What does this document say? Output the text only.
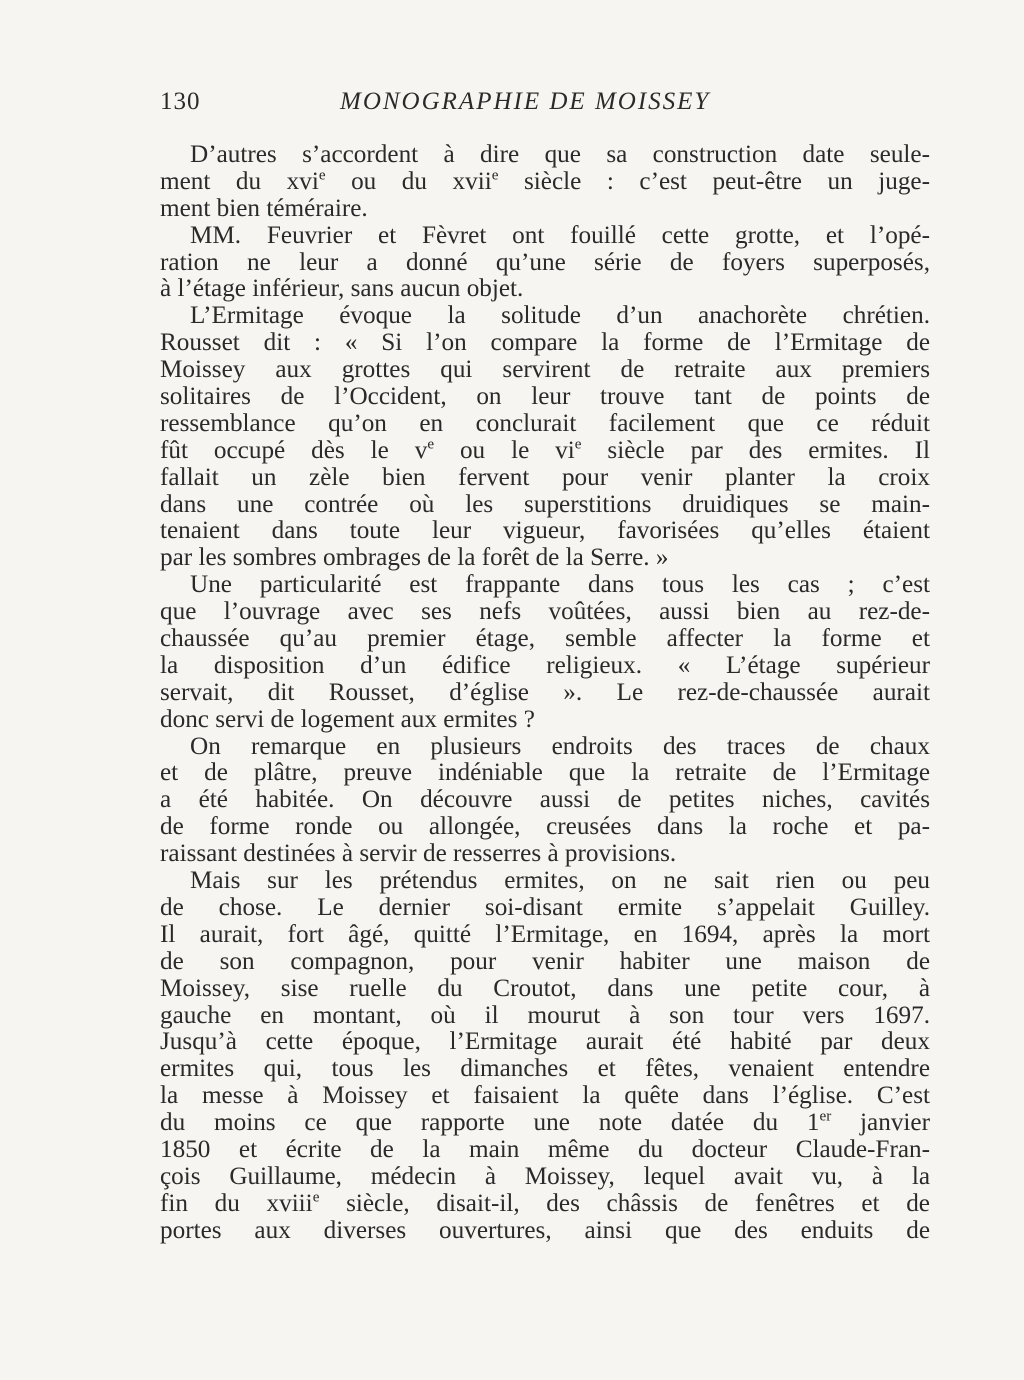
130	MONOGRAPHIE DE MOISSEY
D’autres s’accordent à dire que sa construction date seule-
ment du xvi$^e$ ou du xvii$^e$ siècle : c’est peut-être un juge-
ment bien téméraire.
MM. Feuvrier et Fèvret ont fouillé cette grotte, et l’opé-
ration ne leur a donné qu’une série de foyers superposés,
à l’étage inférieur, sans aucun objet.
L’Ermitage évoque la solitude d’un anachorète chrétien.
Rousset dit : « Si l’on compare la forme de l’Ermitage de
Moissey aux grottes qui servirent de retraite aux premiers
solitaires de l’Occident, on leur trouve tant de points de
ressemblance qu’on en conclurait facilement que ce réduit
fût occupé dès le $v^e$ ou le $vi^e$ siècle par des ermites. Il
fallait un zèle bien fervent pour venir planter la croix
dans une contrée où les superstitions druidiques se main-
tenaient dans toute leur vigueur, favorisées qu’elles étaient
par les sombres ombrages de la forêt de la Serre. »
Une particularité est frappante dans tous les cas ; c’est
que l’ouvrage avec ses nefs voûtées, aussi bien au rez-de-
chaussée qu’au premier étage, semble affecter la forme et
la disposition d’un édifice religieux. « L’étage supérieur
servait, dit Rousset, d’église ». Le rez-de-chaussée aurait
donc servi de logement aux ermites ?
On remarque en plusieurs endroits des traces de chaux
et de plâtre, preuve indéniable que la retraite de l’Ermitage
a été habitée. On découvre aussi de petites niches, cavités
de forme ronde ou allongée, creusées dans la roche et pa-
raissant destinées à servir de resserres à provisions.
Mais sur les prétendus ermites, on ne sait rien ou peu
de chose. Le dernier soi-disant ermite s’appelait Guilley.
Il aurait, fort âgé, quitté l’Ermitage, en 1694, après la mort
de son compagnon, pour venir habiter une maison de
Moissey, sise ruelle du Croutot, dans une petite cour, à
gauche en montant, où il mourut à son tour vers 1697.
Jusqu’à cette époque, l’Ermitage aurait été habité par deux
ermites qui, tous les dimanches et fêtes, venaient entendre
la messe à Moissey et faisaient la quête dans l’église. C’est
du moins ce que rapporte une note datée du 1er janvier
1850 et écrite de la main même du docteur Claude-Fran-
çois Guillaume, médecin à Moissey, lequel avait vu, à la
fin du xviii$^e$ siècle, disait-il, des châssis de fenêtres et de
portes aux diverses ouvertures, ainsi que des enduits de
